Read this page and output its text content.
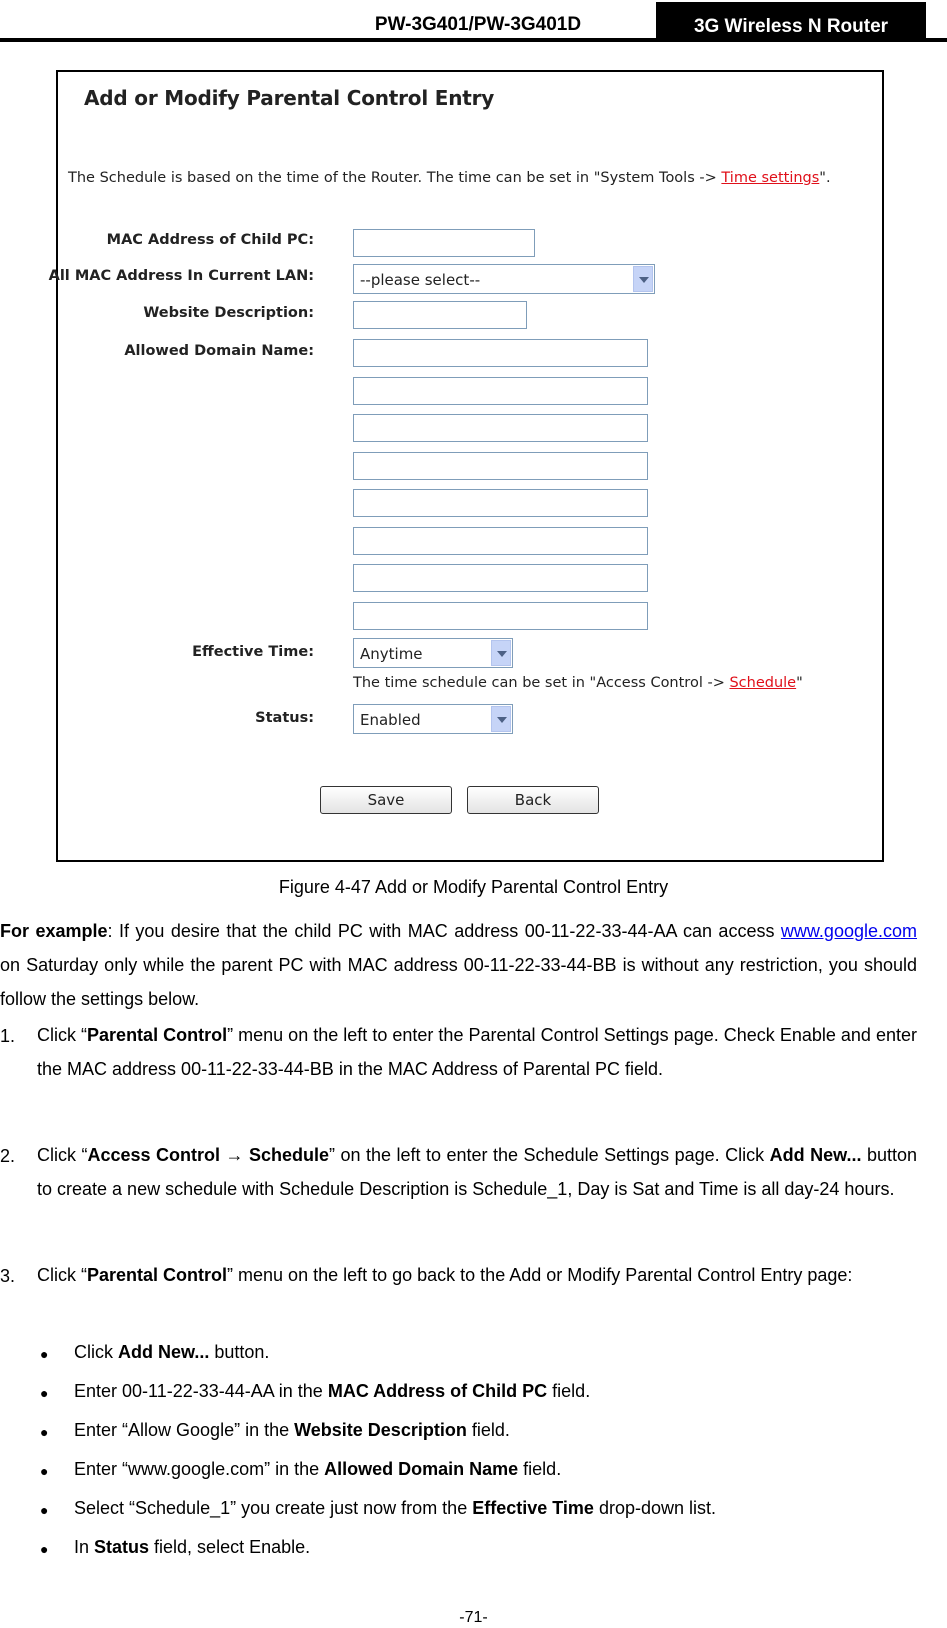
PW-3G401/PW-3G401D	3G Wireless N Router
Add or Modify Parental Control Entry
The Schedule is based on the time of the Router. The time can be set in "System Tools -> Time settings".
MAC Address of Child PC:
All MAC Address In Current LAN:	--please select--
Website Description:
Allowed Domain Name:
Effective Time:	Anytime
The time schedule can be set in "Access Control -> Schedule"
Status:	Enabled
Save	Back
Figure 4-47 Add or Modify Parental Control Entry
For example: If you desire that the child PC with MAC address 00-11-22-33-44-AA can access www.google.com on Saturday only while the parent PC with MAC address 00-11-22-33-44-BB is without any restriction, you should follow the settings below.
1. Click “Parental Control” menu on the left to enter the Parental Control Settings page. Check Enable and enter the MAC address 00-11-22-33-44-BB in the MAC Address of Parental PC field.
2. Click “Access Control → Schedule” on the left to enter the Schedule Settings page. Click Add New... button to create a new schedule with Schedule Description is Schedule_1, Day is Sat and Time is all day-24 hours.
3. Click “Parental Control” menu on the left to go back to the Add or Modify Parental Control Entry page:
● Click Add New... button.
● Enter 00-11-22-33-44-AA in the MAC Address of Child PC field.
● Enter “Allow Google” in the Website Description field.
● Enter “www.google.com” in the Allowed Domain Name field.
● Select “Schedule_1” you create just now from the Effective Time drop-down list.
● In Status field, select Enable.
-71-
